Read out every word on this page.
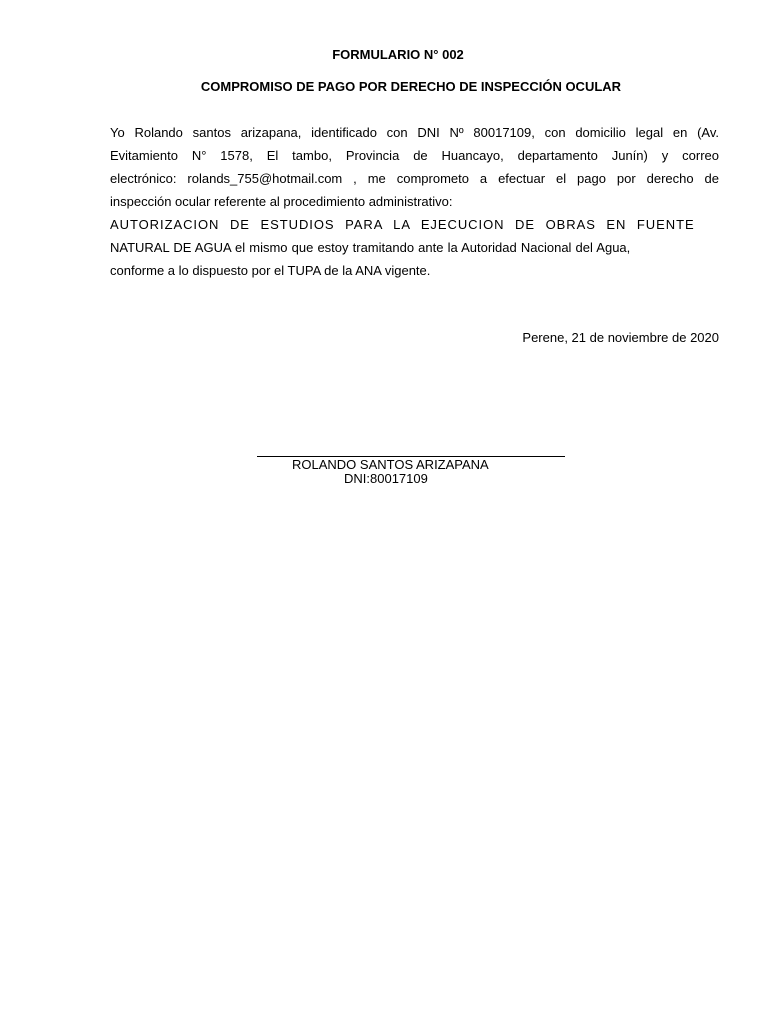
FORMULARIO N° 002
COMPROMISO DE PAGO POR DERECHO DE INSPECCIÓN OCULAR

Yo Rolando santos arizapana, identificado con DNI Nº 80017109, con domicilio legal en (Av.

Evitamiento N° 1578, El tambo, Provincia de Huancayo, departamento Junín) y correo

electrónico: rolands_755@hotmail.com , me comprometo a efectuar el pago por derecho de

inspección ocular referente al procedimiento administrativo:

AUTORIZACION DE ESTUDIOS PARA LA EJECUCION DE OBRAS EN FUENTE

NATURAL DE AGUA el mismo que estoy tramitando ante la Autoridad Nacional del Agua,

conforme a lo dispuesto por el TUPA de la ANA vigente.

Perene, 21 de noviembre de 2020
ROLANDO SANTOS ARIZAPANA
DNI:80017109
